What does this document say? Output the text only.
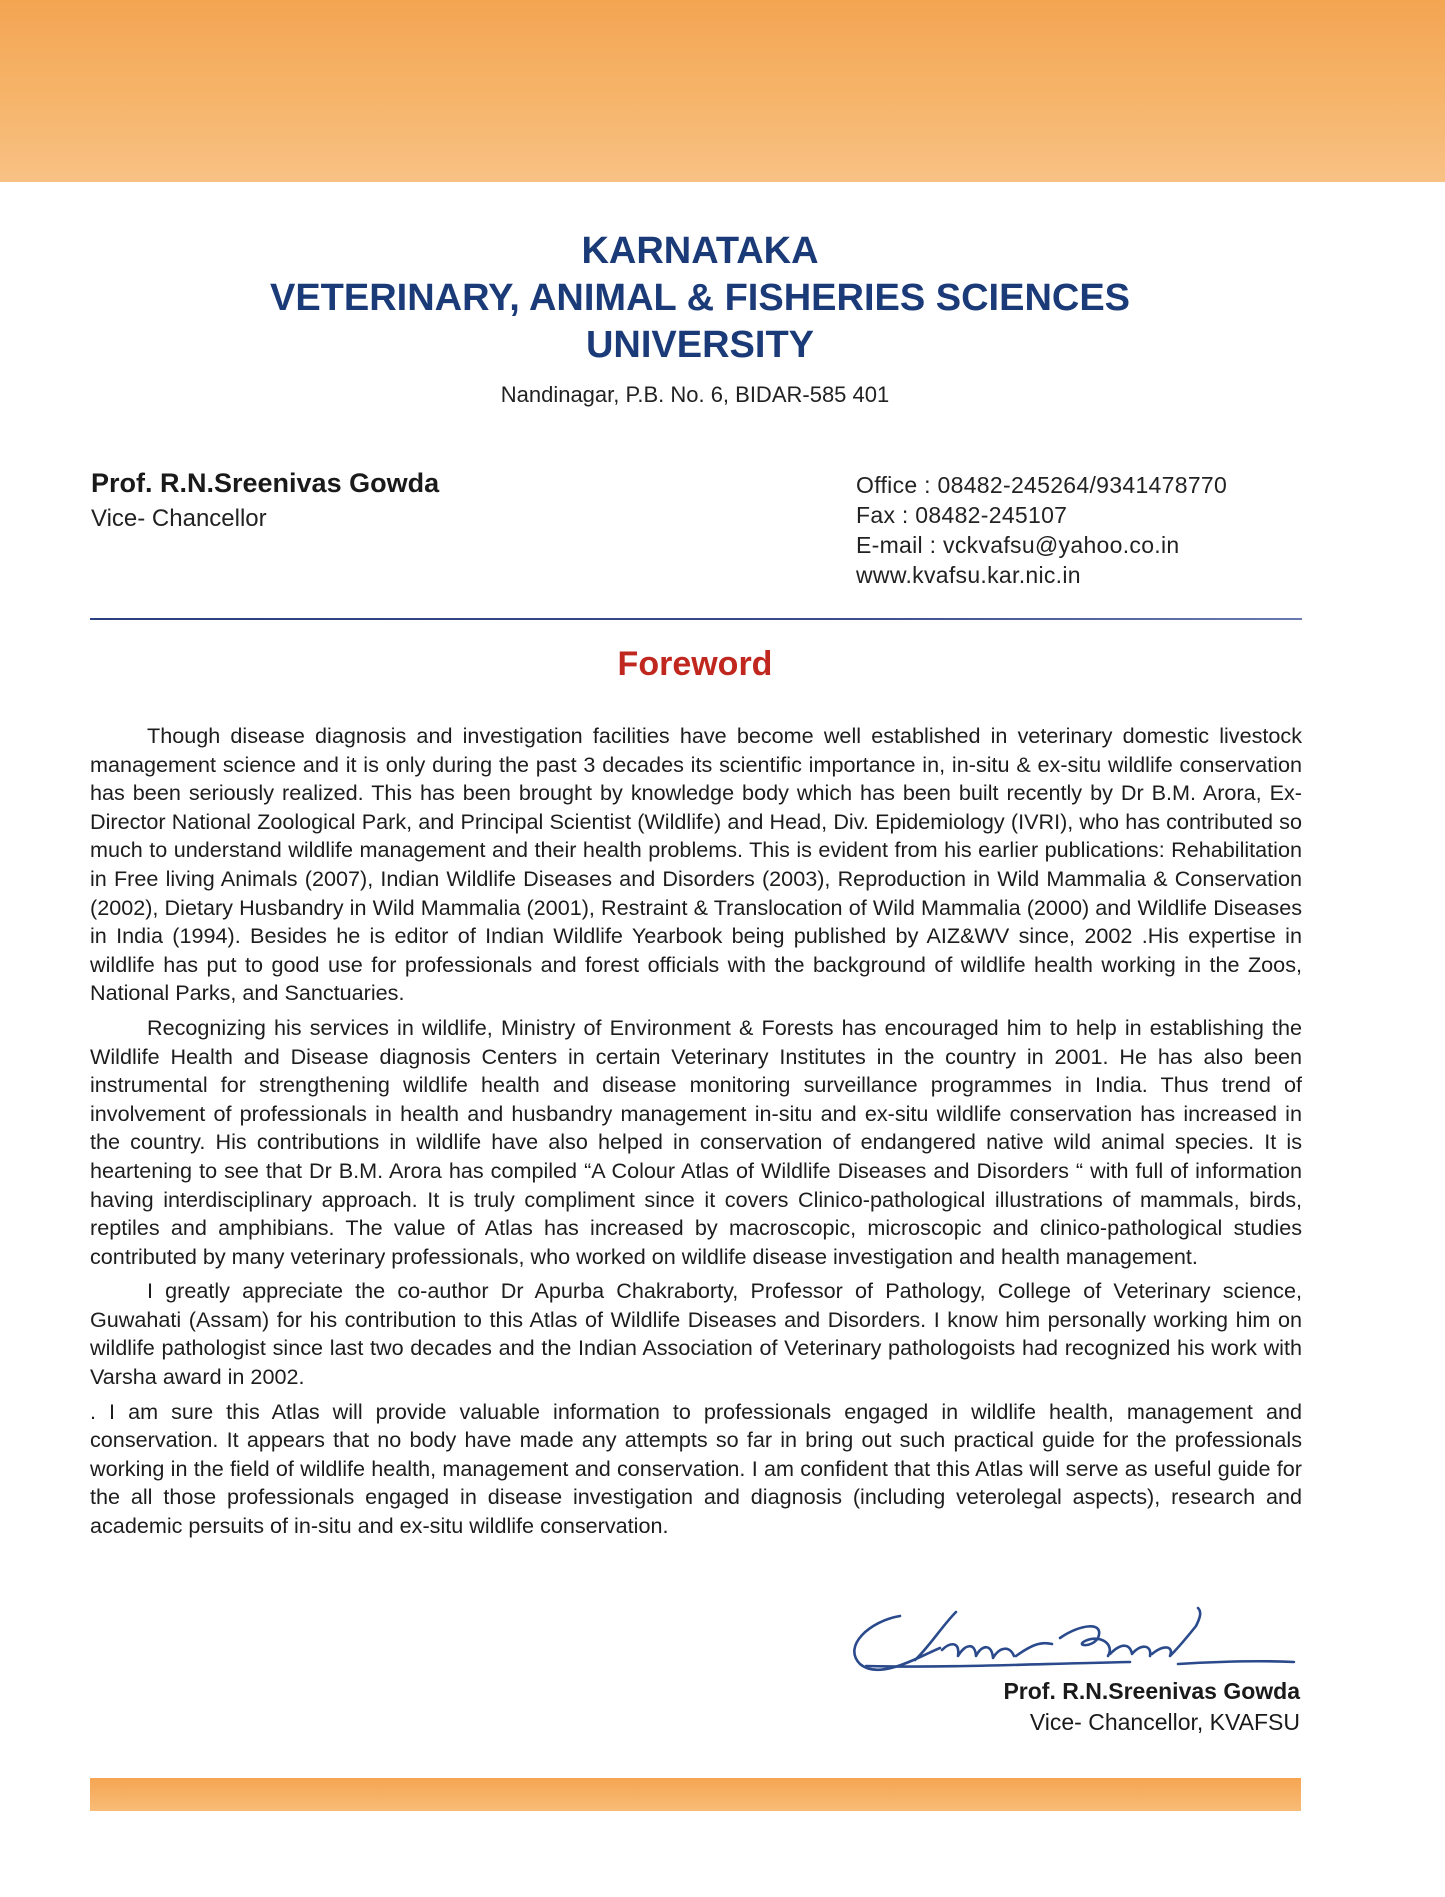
KARNATAKA
VETERINARY, ANIMAL & FISHERIES SCIENCES
UNIVERSITY
Nandinagar, P.B. No. 6, BIDAR-585 401
Prof. R.N.Sreenivas Gowda
Vice- Chancellor
Office : 08482-245264/9341478770
Fax : 08482-245107
E-mail : vckvafsu@yahoo.co.in
www.kvafsu.kar.nic.in
Foreword

Though disease diagnosis and investigation facilities have become well established in veterinary domestic livestock management science and it is only during the past 3 decades its scientific importance in, in-situ & ex-situ wildlife conservation has been seriously realized. This has been brought by knowledge body which has been built recently by Dr B.M. Arora, Ex-Director National Zoological Park, and Principal Scientist (Wildlife) and Head, Div. Epidemiology (IVRI), who has contributed so much to understand wildlife management and their health problems. This is evident from his earlier publications: Rehabilitation in Free living Animals (2007), Indian Wildlife Diseases and Disorders (2003), Reproduction in Wild Mammalia & Conservation (2002), Dietary Husbandry in Wild Mammalia (2001), Restraint & Translocation of Wild Mammalia (2000) and Wildlife Diseases in India (1994). Besides he is editor of Indian Wildlife Yearbook being published by AIZ&WV since, 2002 .His expertise in wildlife has put to good use for professionals and forest officials with the background of wildlife health working in the Zoos, National Parks, and Sanctuaries.

Recognizing his services in wildlife, Ministry of Environment & Forests has encouraged him to help in establishing the Wildlife Health and Disease diagnosis Centers in certain Veterinary Institutes in the country in 2001. He has also been instrumental for strengthening wildlife health and disease monitoring surveillance programmes in India. Thus trend of involvement of professionals in health and husbandry management in-situ and ex-situ wildlife conservation has increased in the country. His contributions in wildlife have also helped in conservation of endangered native wild animal species. It is heartening to see that Dr B.M. Arora has compiled “A Colour Atlas of Wildlife Diseases and Disorders “ with full of information having interdisciplinary approach. It is truly compliment since it covers Clinico-pathological illustrations of mammals, birds, reptiles and amphibians. The value of Atlas has increased by macroscopic, microscopic and clinico-pathological studies contributed by many veterinary professionals, who worked on wildlife disease investigation and health management.

I greatly appreciate the co-author Dr Apurba Chakraborty, Professor of Pathology, College of Veterinary science, Guwahati (Assam) for his contribution to this Atlas of Wildlife Diseases and Disorders. I know him personally working him on wildlife pathologist since last two decades and the Indian Association of Veterinary pathologoists had recognized his work with Varsha award in 2002.

. I am sure this Atlas will provide valuable information to professionals engaged in wildlife health, management and conservation. It appears that no body have made any attempts so far in bring out such practical guide for the professionals working in the field of wildlife health, management and conservation. I am confident that this Atlas will serve as useful guide for the all those professionals engaged in disease investigation and diagnosis (including veterolegal aspects), research and academic persuits of in-situ and ex-situ wildlife conservation.

Prof. R.N.Sreenivas Gowda
Vice- Chancellor, KVAFSU
